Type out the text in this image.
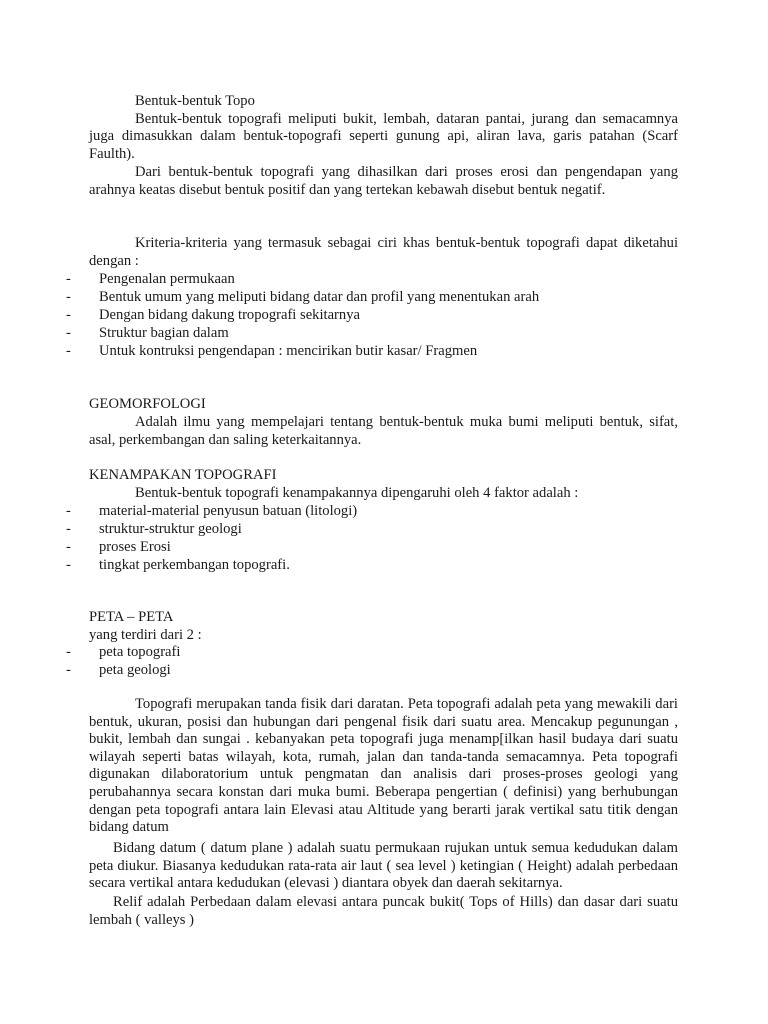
Bentuk-bentuk Topo
Bentuk-bentuk topografi meliputi bukit, lembah, dataran pantai, jurang dan semacamnya juga dimasukkan dalam bentuk-topografi seperti gunung api, aliran lava, garis patahan (Scarf Faulth).
Dari bentuk-bentuk topografi yang dihasilkan dari proses erosi dan pengendapan yang arahnya keatas disebut bentuk positif dan yang tertekan kebawah disebut bentuk negatif.
Kriteria-kriteria yang termasuk sebagai ciri khas bentuk-bentuk topografi dapat diketahui dengan :
- Pengenalan permukaan
- Bentuk umum yang meliputi bidang datar dan profil yang menentukan arah
- Dengan bidang dakung tropografi sekitarnya
- Struktur bagian dalam
- Untuk kontruksi pengendapan : mencirikan butir kasar/ Fragmen
GEOMORFOLOGI
Adalah ilmu yang mempelajari tentang bentuk-bentuk muka bumi meliputi bentuk, sifat, asal, perkembangan dan saling keterkaitannya.
KENAMPAKAN TOPOGRAFI
Bentuk-bentuk topografi kenampakannya dipengaruhi oleh 4 faktor adalah :
- material-material penyusun batuan (litologi)
- struktur-struktur geologi
- proses Erosi
- tingkat perkembangan topografi.
PETA – PETA
yang terdiri dari 2 :
- peta topografi
- peta geologi
Topografi merupakan tanda fisik dari daratan. Peta topografi adalah peta yang mewakili dari bentuk, ukuran, posisi dan hubungan dari pengenal fisik dari suatu area. Mencakup pegunungan , bukit, lembah dan sungai . kebanyakan peta topografi juga menamp[ilkan hasil budaya dari suatu wilayah seperti batas wilayah, kota, rumah, jalan dan tanda-tanda semacamnya. Peta topografi digunakan dilaboratorium untuk pengmatan dan analisis dari proses-proses geologi yang perubahannya secara konstan dari muka bumi. Beberapa pengertian ( definisi) yang berhubungan dengan peta topografi antara lain Elevasi atau Altitude yang berarti jarak vertikal satu titik dengan bidang datum
Bidang datum ( datum plane ) adalah suatu permukaan rujukan untuk semua kedudukan dalam peta diukur. Biasanya kedudukan rata-rata air laut ( sea level ) ketingian ( Height) adalah perbedaan secara vertikal antara kedudukan (elevasi ) diantara obyek dan daerah sekitarnya.
Relif adalah Perbedaan dalam elevasi antara puncak bukit( Tops of Hills) dan dasar dari suatu lembah ( valleys )
